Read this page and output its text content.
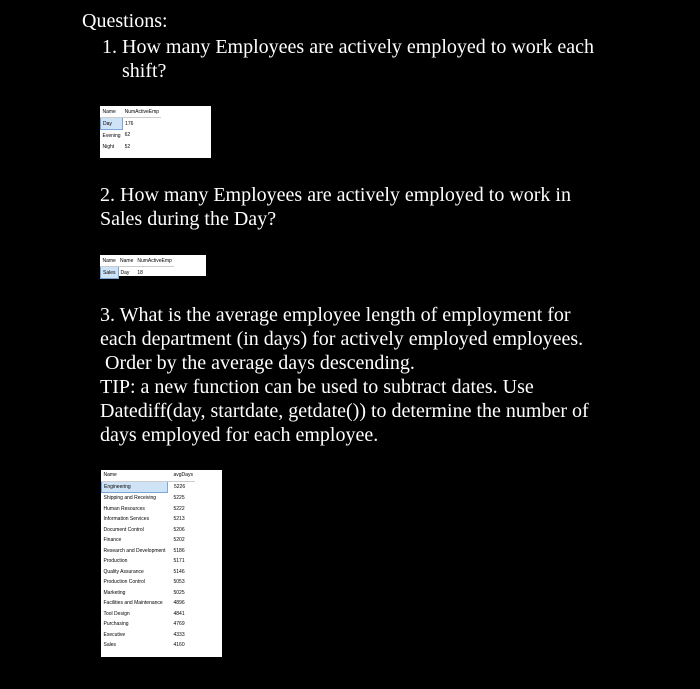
Questions:
1. How many Employees are actively employed to work each
shift?
Name	NumActiveEmp
Day	176
Evening	62
Night	52
2. How many Employees are actively employed to work in
Sales during the Day?
Name	Name	NumActiveEmp
Sales	Day	18
3. What is the average employee length of employment for
each department (in days) for actively employed employees.
Order by the average days descending.
TIP: a new function can be used to subtract dates. Use
Datediff(day, startdate, getdate()) to determine the number of
days employed for each employee.
Name	avgDays
Engineering	5226
Shipping and Receiving	5225
Human Resources	5222
Information Services	5213
Document Control	5206
Finance	5202
Research and Development	5186
Production	5171
Quality Assurance	5146
Production Control	5053
Marketing	5025
Facilities and Maintenance	4896
Tool Design	4841
Purchasing	4769
Executive	4333
Sales	4160
